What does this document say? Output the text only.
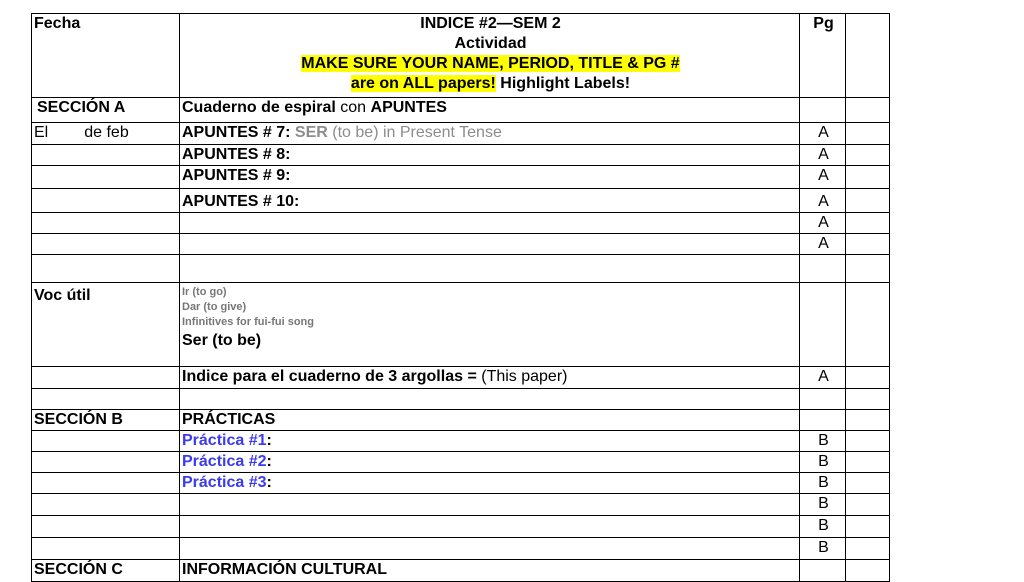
Fecha	INDICE #2—SEM 2
Actividad
MAKE SURE YOUR NAME, PERIOD, TITLE & PG #
are on ALL papers! Highlight Labels!	Pg	
SECCIÓN A	Cuaderno de espiral con APUNTES		
El de feb	APUNTES # 7: SER (to be) in Present Tense	A	
	APUNTES # 8:	A	
	APUNTES # 9:	A	
	APUNTES # 10:	A	
		A	
		A	

Voc útil	Ir (to go)
Dar (to give)
Infinitives for fui-fui song
Ser (to be)		

	Indice para el cuaderno de 3 argollas = (This paper)	A	

SECCIÓN B	PRÁCTICAS		
	Práctica #1:	B	
	Práctica #2:	B	
	Práctica #3:	B	
		B	
		B	
		B	
SECCIÓN C	INFORMACIÓN CULTURAL		
